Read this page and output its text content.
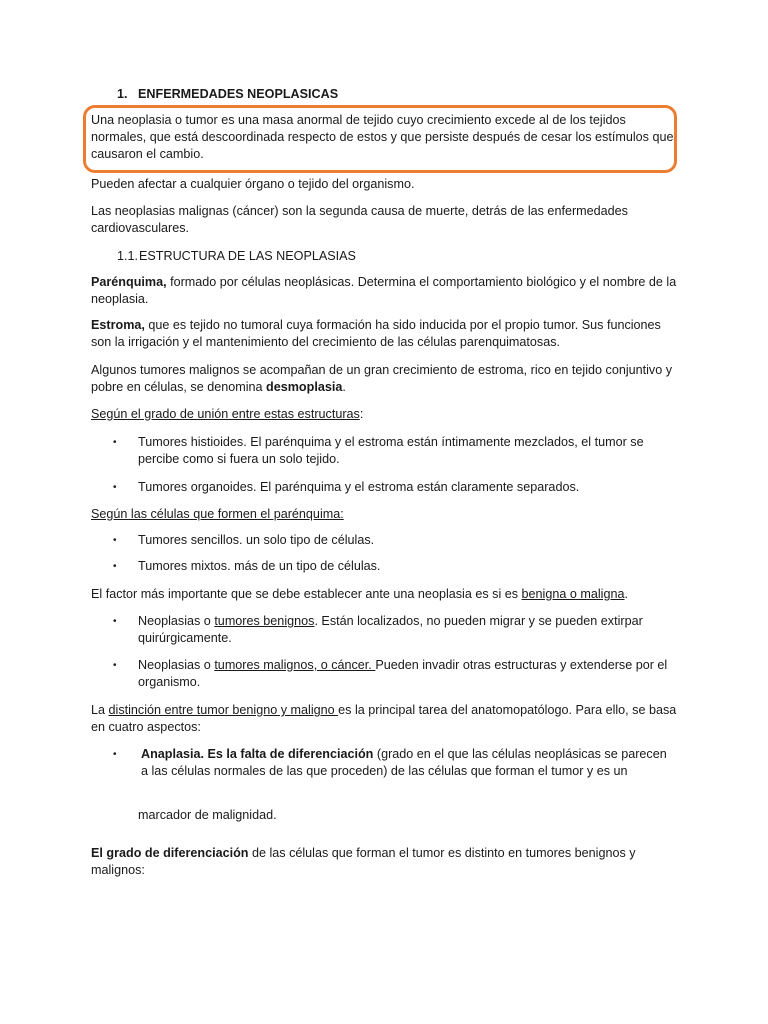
1. ENFERMEDADES NEOPLASICAS

Una neoplasia o tumor es una masa anormal de tejido cuyo crecimiento excede al de los tejidos normales, que está descoordinada respecto de estos y que persiste después de cesar los estímulos que causaron el cambio.

Pueden afectar a cualquier órgano o tejido del organismo.

Las neoplasias malignas (cáncer) son la segunda causa de muerte, detrás de las enfermedades cardiovasculares.

1.1.ESTRUCTURA DE LAS NEOPLASIAS

Parénquima, formado por células neoplásicas. Determina el comportamiento biológico y el nombre de la neoplasia.

Estroma, que es tejido no tumoral cuya formación ha sido inducida por el propio tumor. Sus funciones son la irrigación y el mantenimiento del crecimiento de las células parenquimatosas.

Algunos tumores malignos se acompañan de un gran crecimiento de estroma, rico en tejido conjuntivo y pobre en células, se denomina desmoplasia.

Según el grado de unión entre estas estructuras:

•	Tumores histioides. El parénquima y el estroma están íntimamente mezclados, el tumor se percibe como si fuera un solo tejido.
•	Tumores organoides. El parénquima y el estroma están claramente separados.

Según las células que formen el parénquima:

•	Tumores sencillos. un solo tipo de células.
•	Tumores mixtos. más de un tipo de células.

El factor más importante que se debe establecer ante una neoplasia es si es benigna o maligna.

•	Neoplasias o tumores benignos. Están localizados, no pueden migrar y se pueden extirpar quirúrgicamente.
•	Neoplasias o tumores malignos, o cáncer. Pueden invadir otras estructuras y extenderse por el organismo.

La distinción entre tumor benigno y maligno es la principal tarea del anatomopatólogo. Para ello, se basa en cuatro aspectos:

•	Anaplasia. Es la falta de diferenciación (grado en el que las células neoplásicas se parecen a las células normales de las que proceden) de las células que forman el tumor y es un

marcador de malignidad.

El grado de diferenciación de las células que forman el tumor es distinto en tumores benignos y malignos:
